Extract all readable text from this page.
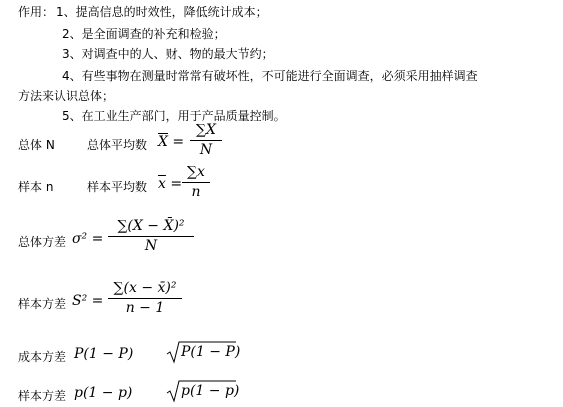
作用： 1、提高信息的时效性，降低统计成本；
2、是全面调查的补充和检验；
3、对调查中的人、财、物的最大节约；
4、有些事物在测量时常常有破坏性，不可能进行全面调查，必须采用抽样调查
方法来认识总体；
5、在工业生产部门，用于产品质量控制。
总体 N	总体平均数 $\overline{X}$ =
∑X
N
样本 n	样本平均数 $\overline{x}$ =
∑x
n
总体方差 σ² =
∑(X − X̄)²
N
样本方差 S² =
∑(x − x̄)²
n − 1
成本方差 P(1 − P)	P(1 − P)
样本方差 p(1 − p)	p(1 − p)
